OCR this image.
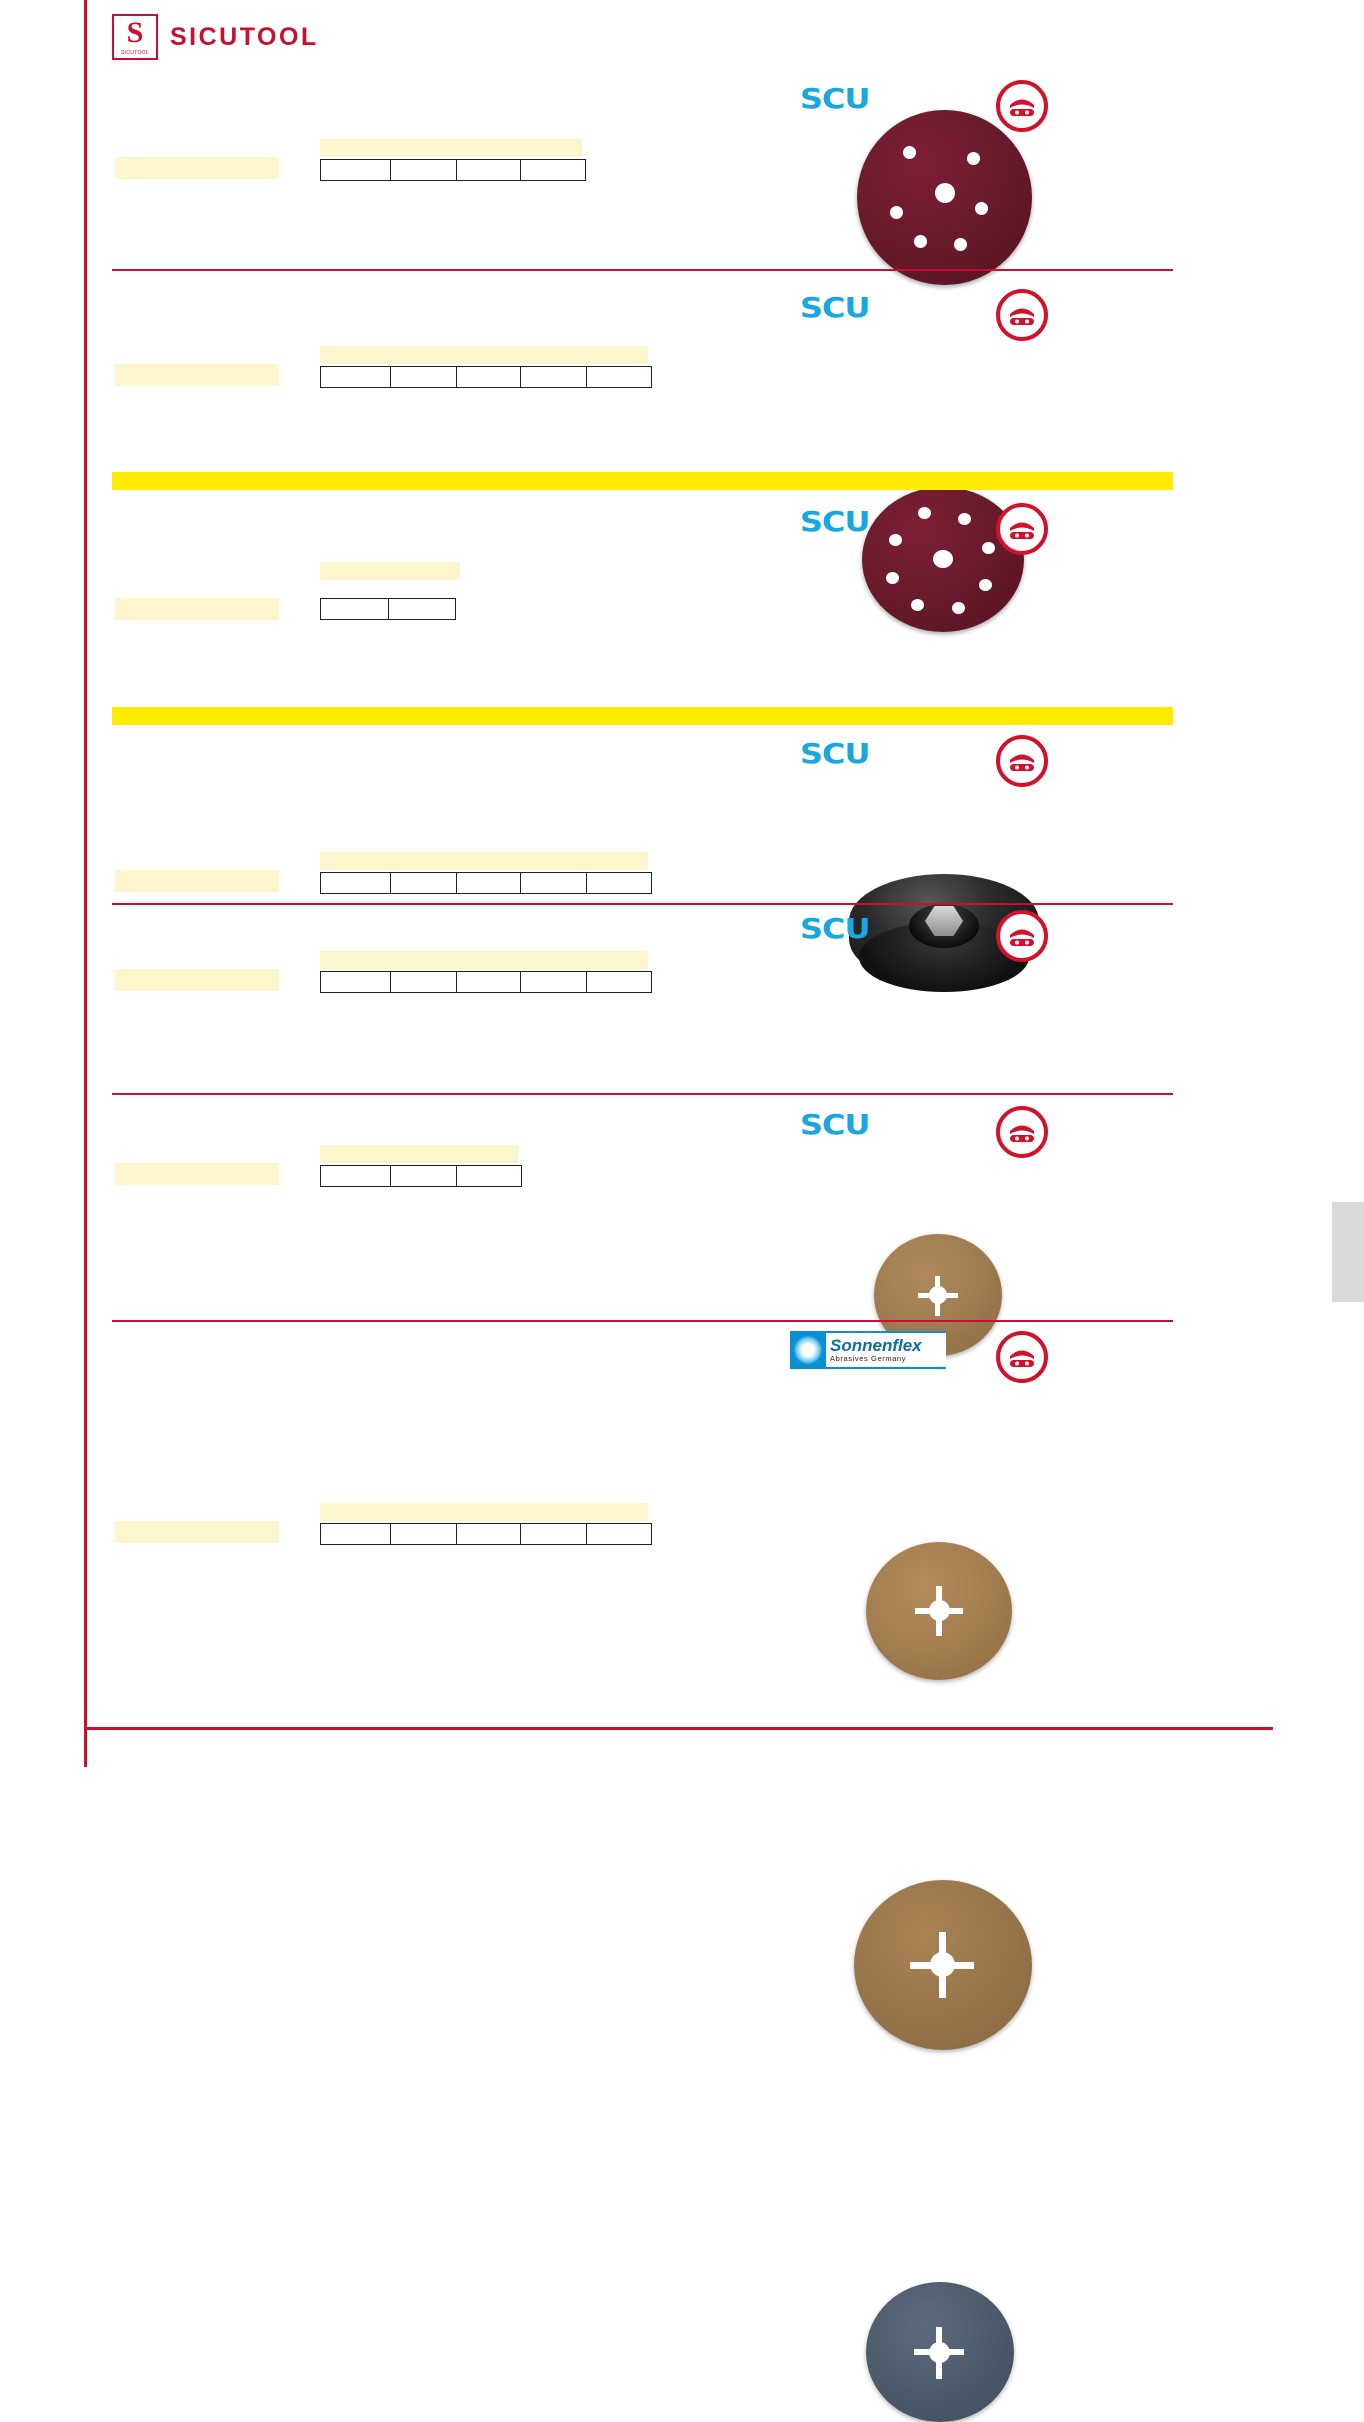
S
SICUTOOL
SICUTOOL
SCU
SCU
SCU
SCU
SCU
SCU
Sonnenflex
Abrasives Germany
